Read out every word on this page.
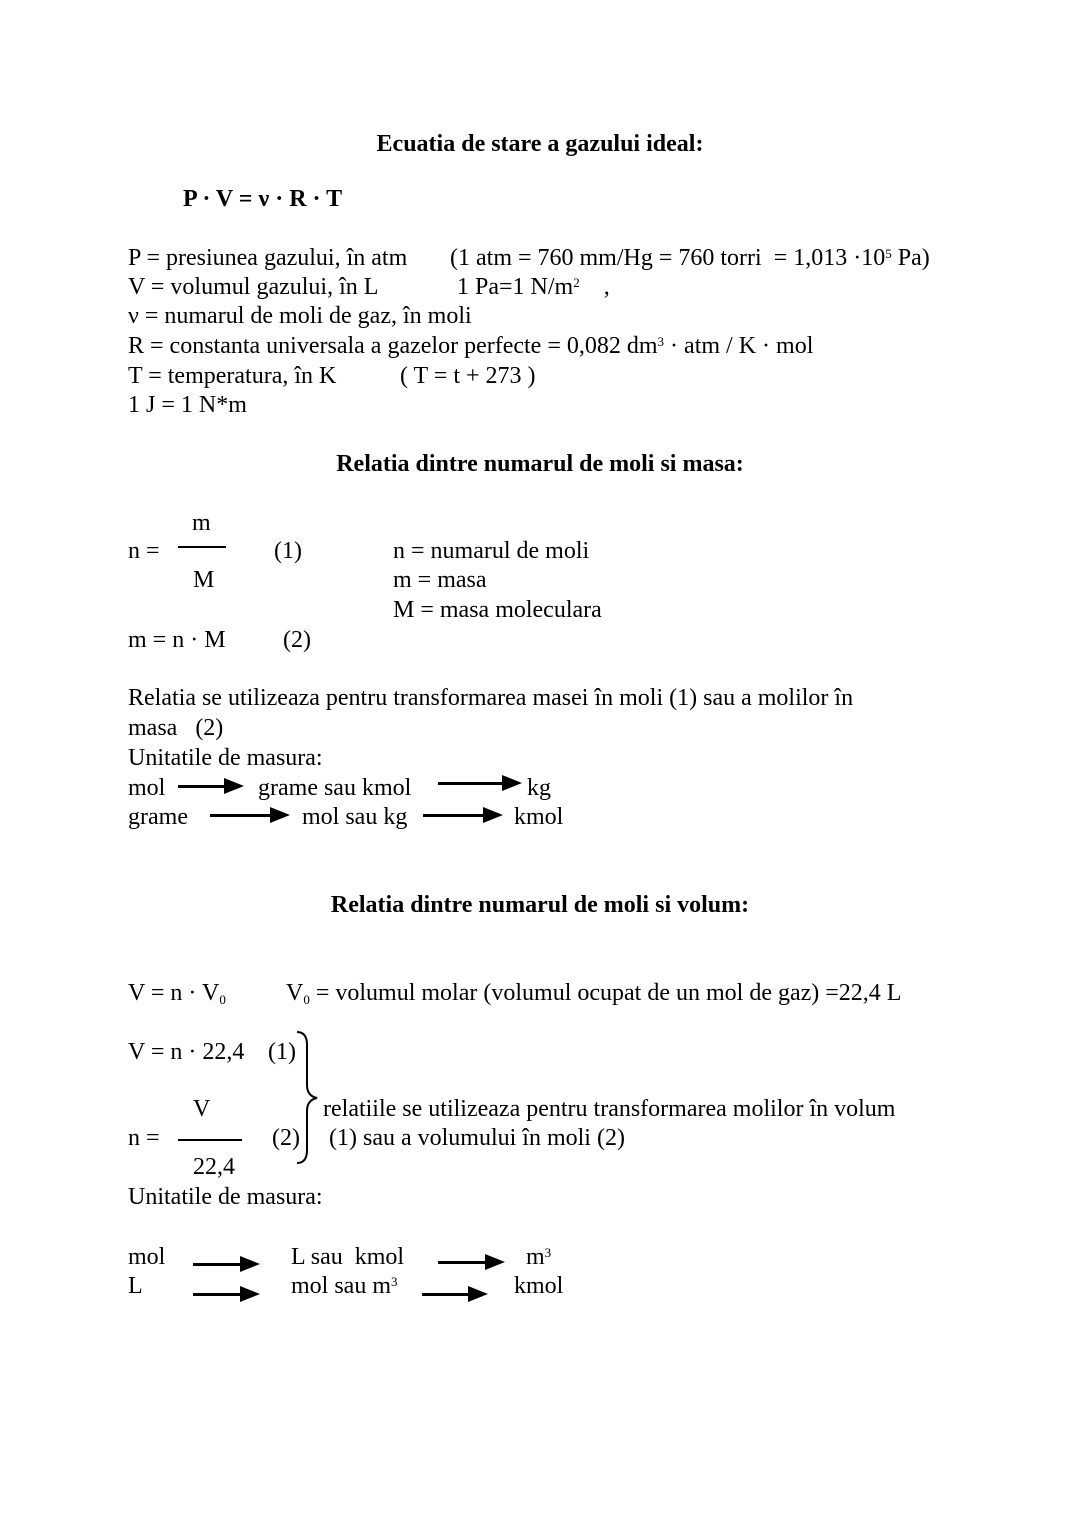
Ecuatia de stare a gazului ideal:
P · V = ν · R · T
P = presiunea gazului, în atm (1 atm = 760 mm/Hg = 760 torri  = $1,013 \cdot 10^5$ Pa)
V = volumul gazului, în L	1 Pa=1 $N/m^2$    ,
ν = numarul de moli de gaz, în moli
R = constanta universala a gazelor perfecte = 0,082 $dm^3$ · atm / K · mol
T = temperatura, în K	( T = t + 273 )
1 J = 1 N*m
Relatia dintre numarul de moli si masa:
m
n =
M
(1)	n = numarul de moli
m = masa
M = masa moleculara
m = n · M (2)
Relatia se utilizeaza pentru transformarea masei în moli (1) sau a molilor în
masa   (2)
Unitatile de masura:
mol	grame sau kmol	kg
grame	mol sau kg	kmol
Relatia dintre numarul de moli si volum:
$V = n \cdot V_0$	$V_0$ = volumul molar (volumul ocupat de un mol de gaz) =22,4 L
V = n · 22,4 (1)
V
n =
22,4
(2)
relatiile se utilizeaza pentru transformarea molilor în volum
(1) sau a volumului în moli (2)
Unitatile de masura:
mol	L sau  kmol	$m^3$
L	mol sau $m^3$	kmol
